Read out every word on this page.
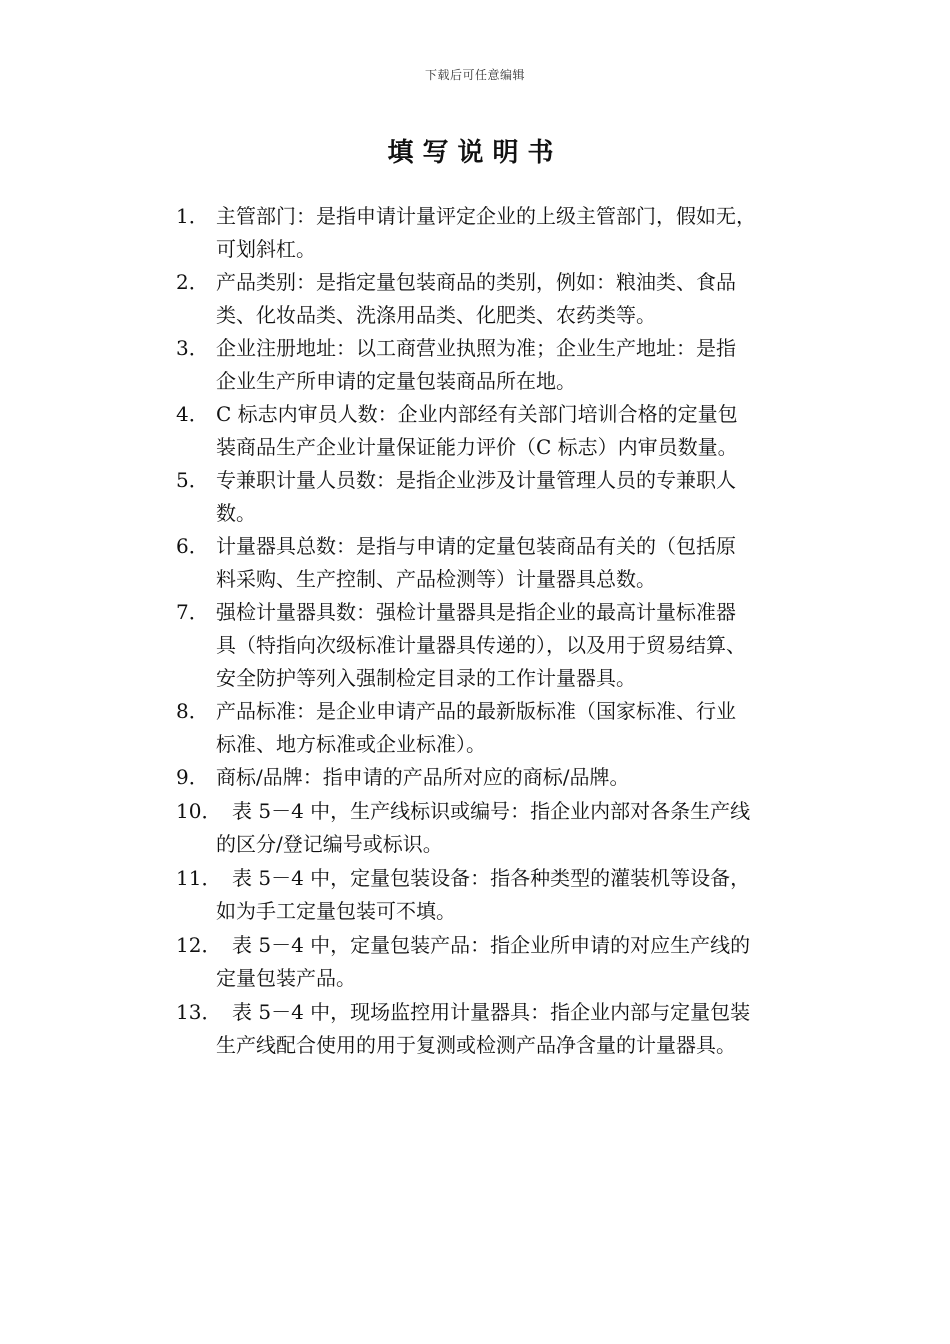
下载后可任意编辑
填写说明书
1． 主管部门：是指申请计量评定企业的上级主管部门，假如无，
可划斜杠。
2． 产品类别：是指定量包装商品的类别，例如：粮油类、食品
类、化妆品类、洗涤用品类、化肥类、农药类等。
3． 企业注册地址：以工商营业执照为准；企业生产地址：是指
企业生产所申请的定量包装商品所在地。
4． C 标志内审员人数：企业内部经有关部门培训合格的定量包
装商品生产企业计量保证能力评价（C 标志）内审员数量。
5． 专兼职计量人员数：是指企业涉及计量管理人员的专兼职人
数。
6． 计量器具总数：是指与申请的定量包装商品有关的（包括原
料采购、生产控制、产品检测等）计量器具总数。
7． 强检计量器具数：强检计量器具是指企业的最高计量标准器
具（特指向次级标准计量器具传递的），以及用于贸易结算、
安全防护等列入强制检定目录的工作计量器具。
8． 产品标准：是企业申请产品的最新版标准（国家标准、行业
标准、地方标准或企业标准）。
9． 商标/品牌：指申请的产品所对应的商标/品牌。
10． 表 5－4 中，生产线标识或编号：指企业内部对各条生产线
的区分/登记编号或标识。
11． 表 5－4 中，定量包装设备：指各种类型的灌装机等设备，
如为手工定量包装可不填。
12． 表 5－4 中，定量包装产品：指企业所申请的对应生产线的
定量包装产品。
13． 表 5－4 中，现场监控用计量器具：指企业内部与定量包装
生产线配合使用的用于复测或检测产品净含量的计量器具。
